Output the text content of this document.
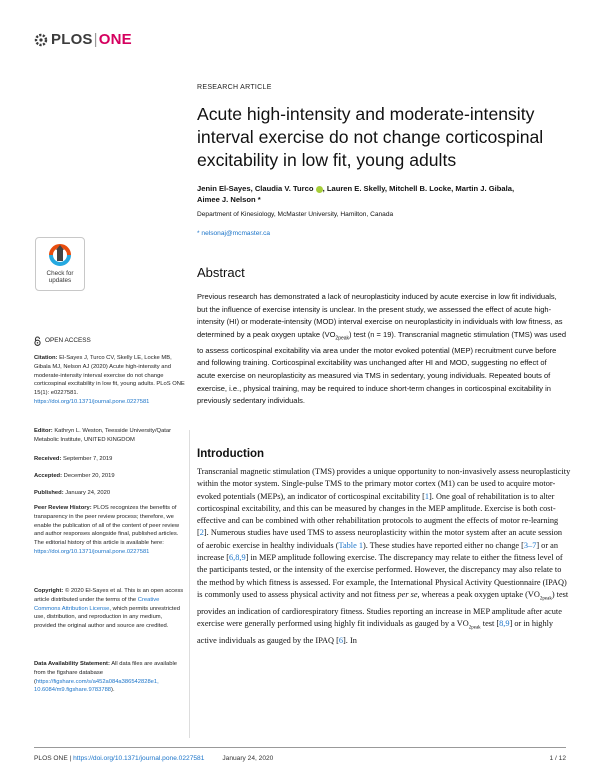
PLOS|ONE
RESEARCH ARTICLE
Acute high-intensity and moderate-intensity interval exercise do not change corticospinal excitability in low fit, young adults
Jenin El-Sayes, Claudia V. Turco , Lauren E. Skelly, Mitchell B. Locke, Martin J. Gibala,
Aimee J. Nelson *
Department of Kinesiology, McMaster University, Hamilton, Canada
* nelsonaj@mcmaster.ca
Check for
updates
OPEN ACCESS
Citation: El-Sayes J, Turco CV, Skelly LE, Locke MB, Gibala MJ, Nelson AJ (2020) Acute high-intensity and moderate-intensity interval exercise do not change corticospinal excitability in low fit, young adults. PLoS ONE 15(1): e0227581. https://doi.org/10.1371/journal.pone.0227581
Editor: Kathryn L. Weston, Teesside University/Qatar Metabolic Institute, UNITED KINGDOM
Received: September 7, 2019
Accepted: December 20, 2019
Published: January 24, 2020
Peer Review History: PLOS recognizes the benefits of transparency in the peer review process; therefore, we enable the publication of all of the content of peer review and author responses alongside final, published articles. The editorial history of this article is available here: https://doi.org/10.1371/journal.pone.0227581
Copyright: © 2020 El-Sayes et al. This is an open access article distributed under the terms of the Creative Commons Attribution License, which permits unrestricted use, distribution, and reproduction in any medium, provided the original author and source are credited.
Data Availability Statement: All data files are available from the figshare database (https://figshare.com/s/a452a084a386542828e1, 10.6084/m9.figshare.9783788).
Abstract

Previous research has demonstrated a lack of neuroplasticity induced by acute exercise in low fit individuals, but the influence of exercise intensity is unclear. In the present study, we assessed the effect of acute high-intensity (HI) or moderate-intensity (MOD) interval exercise on neuroplasticity in individuals with low fitness, as determined by a peak oxygen uptake $(VO_{2peak})$ test (n = 19). Transcranial magnetic stimulation (TMS) was used to assess corticospinal excitability via area under the motor evoked potential (MEP) recruitment curve before and following training. Corticospinal excitability was unchanged after HI and MOD, suggesting no effect of acute exercise on neuroplasticity as measured via TMS in sedentary, young individuals. Repeated bouts of exercise, i.e., physical training, may be required to induce short-term changes in corticospinal excitability in previously sedentary individuals.

Introduction

Transcranial magnetic stimulation (TMS) provides a unique opportunity to non-invasively assess neuroplasticity within the motor system. Single-pulse TMS to the primary motor cortex (M1) can be used to acquire motor-evoked potentials (MEPs), an indicator of corticospinal excitability [1]. One goal of rehabilitation is to alter corticospinal excitability, and this can be measured by changes in the MEP amplitude. Exercise is both cost-effective and can be combined with other rehabilitation protocols to augment the effects of motor re-learning [2]. Numerous studies have used TMS to assess neuroplasticity within the motor system after an acute session of aerobic exercise in healthy individuals (Table 1). These studies have reported either no change [3–7] or an increase [6,8,9] in MEP amplitude following exercise. The discrepancy may relate to either the fitness level of the participants tested, or the intensity of the exercise performed. However, the discrepancy may also relate to the method by which fitness is assessed. For example, the International Physical Activity Questionnaire (IPAQ) is commonly used to assess physical activity and not fitness per se, whereas a peak oxygen uptake $(VO_{2peak})$ test provides an indication of cardiorespiratory fitness. Studies reporting an increase in MEP amplitude after acute exercise were generally performed using highly fit individuals as gauged by a $VO_{2peak}$ test [8,9] or in highly active individuals as gauged by the IPAQ [6]. In

PLOS ONE | https://doi.org/10.1371/journal.pone.0227581	January 24, 2020	1 / 12
